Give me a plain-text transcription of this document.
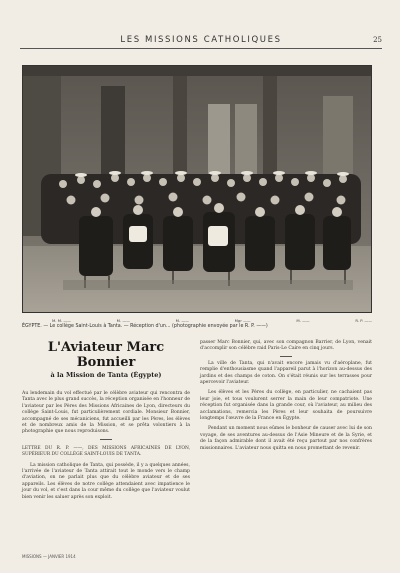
LES MISSIONS CATHOLIQUES	25
M. M. ——	M. ——	M. ——	Mgr ——	M. ——	R. P. ——
ÉGYPTE. — Le collège Saint-Louis à Tanta. — Réception d'un... (photographie envoyée par le R. P. ——)
L'Aviateur Marc Bonnier
à la Mission de Tanta (Égypte)

Au lendemain du vol effectué par le célèbre aviateur qui rencontra de Tanta avec le plus grand succès, la réception organisée en l'honneur de l'aviateur par les Pères des Missions Africaines de Lyon, directeurs du collège Saint-Louis, fut particulièrement cordiale. Monsieur Bonnier, accompagné de ses mécaniciens, fut accueilli par les Pères, les élèves et de nombreux amis de la Mission, et se prêta volontiers à la photographie que nous reproduisons.

LETTRE DU R. P. ——, DES MISSIONS AFRICAINES DE LYON, SUPÉRIEUR DU COLLÈGE SAINT-LOUIS DE TANTA.

La mission catholique de Tanta, qui possède, il y a quelques années, l'arrivée de l'aviateur de Tanta attirait tout le monde vers le champ d'aviation, on ne parlait plus que du célèbre aviateur et de ses appareils. Les élèves de notre collège attendaient avec impatience le jour du vol, et c'est dans la cour même du collège que l'aviateur voulut bien venir les saluer après son exploit.

passer Marc Bonnier, qui, avec son compagnon Barrier, de Lyon, venait d'accomplir son célèbre raid Paris-Le Caire en cinq jours.

La ville de Tanta, qui n'avait encore jamais vu d'aéroplane, fut remplie d'enthousiasme quand l'appareil parut à l'horizon au-dessus des jardins et des champs de coton. On s'était réunis sur les terrasses pour apercevoir l'aviateur.

Les élèves et les Pères du collège, en particulier, ne cachaient pas leur joie, et tous voulurent serrer la main de leur compatriote. Une réception fut organisée dans la grande cour, où l'aviateur, au milieu des acclamations, remercia les Pères et leur souhaita de poursuivre longtemps l'œuvre de la France en Égypte.

Pendant un moment nous eûmes le bonheur de causer avec lui de son voyage, de ses aventures au-dessus de l'Asie Mineure et de la Syrie, et de la façon admirable dont il avait été reçu partout par nos confrères missionnaires. L'aviateur nous quitta en nous promettant de revenir.

MISSIONS — JANVIER 1914
